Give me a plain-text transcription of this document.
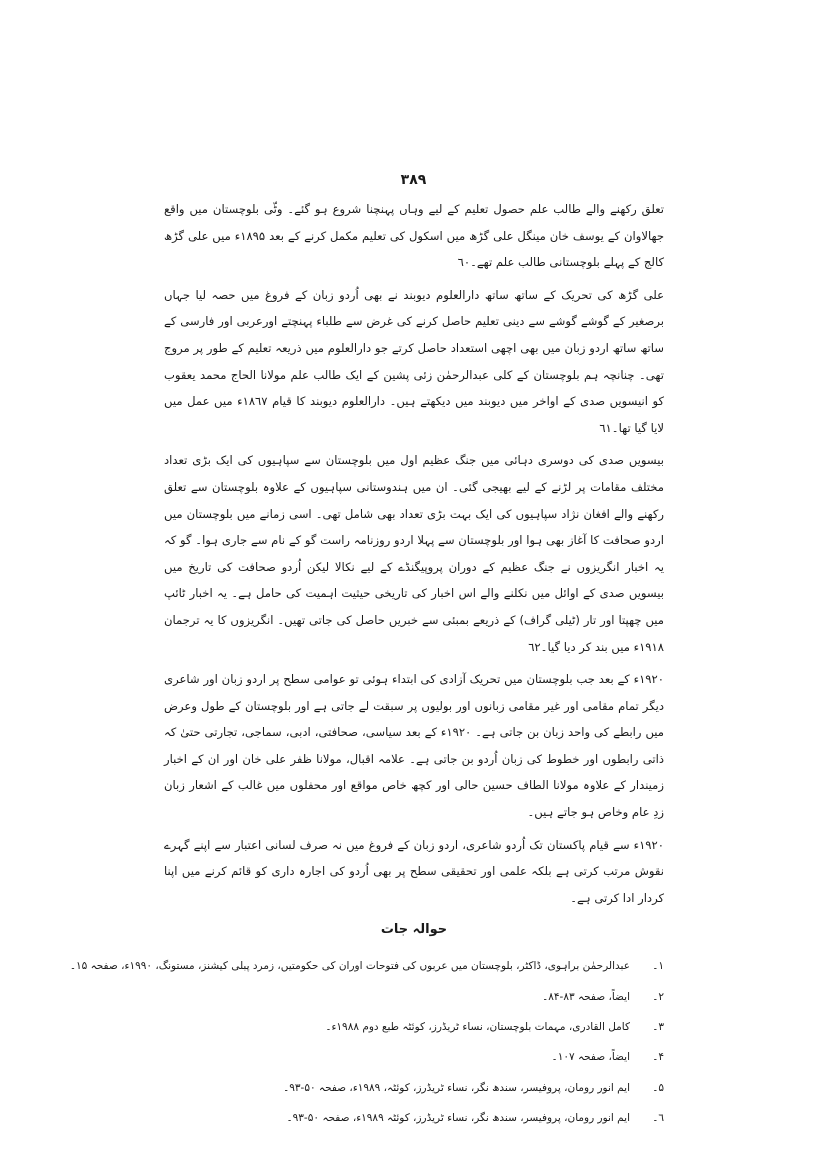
۳۸۹

تعلق رکھنے والے طالب علم حصول تعلیم کے لیے وہاں پہنچنا شروع ہو گئے۔ وٹّی بلوچستان میں واقع جھالاوان کے یوسف خان مینگل علی گڑھ میں اسکول کی تعلیم مکمل کرنے کے بعد ۱۸۹۵ء میں علی گڑھ کالج کے پہلے بلوچستانی طالب علم تھے۔٦٠

علی گڑھ کی تحریک کے ساتھ ساتھ دارالعلوم دیوبند نے بھی اُردو زبان کے فروغ میں حصہ لیا جہاں برصغیر کے گوشے گوشے سے دینی تعلیم حاصل کرنے کی غرض سے طلباء پہنچتے اورعربی اور فارسی کے ساتھ ساتھ اردو زبان میں بھی اچھی استعداد حاصل کرتے جو دارالعلوم میں ذریعہ تعلیم کے طور پر مروج تھی۔ چنانچہ ہم بلوچستان کے کلی عبدالرحمٰن زئی پشین کے ایک طالب علم مولانا الحاج محمد یعقوب کو انیسویں صدی کے اواخر میں دیوبند میں دیکھتے ہیں۔ دارالعلوم دیوبند کا قیام ۱۸٦٧ء میں عمل میں لایا گیا تھا۔٦١

بیسویں صدی کی دوسری دہائی میں جنگ عظیم اول میں بلوچستان سے سپاہیوں کی ایک بڑی تعداد مختلف مقامات پر لڑنے کے لیے بھیجی گئی۔ ان میں ہندوستانی سپاہیوں کے علاوہ بلوچستان سے تعلق رکھنے والے افغان نژاد سپاہیوں کی ایک بہت بڑی تعداد بھی شامل تھی۔ اسی زمانے میں بلوچستان میں اردو صحافت کا آغاز بھی ہوا اور بلوچستان سے پہلا اردو روزنامہ راست گو کے نام سے جاری ہوا۔ گو کہ یہ اخبار انگریزوں نے جنگ عظیم کے دوران پروپیگنڈے کے لیے نکالا لیکن اُردو صحافت کی تاریخ میں بیسویں صدی کے اوائل میں نکلنے والے اس اخبار کی تاریخی حیثیت اہمیت کی حامل ہے۔ یہ اخبار ٹائپ میں چھپتا اور تار (ٹیلی گراف) کے ذریعے بمبئی سے خبریں حاصل کی جاتی تھیں۔ انگریزوں کا یہ ترجمان ۱۹۱۸ء میں بند کر دیا گیا۔٦٢

۱۹۲۰ء کے بعد جب بلوچستان میں تحریک آزادی کی ابتداء ہوئی تو عوامی سطح پر اردو زبان اور شاعری دیگر تمام مقامی اور غیر مقامی زبانوں اور بولیوں پر سبقت لے جاتی ہے اور بلوچستان کے طول وعرض میں رابطے کی واحد زبان بن جاتی ہے۔ ۱۹۲۰ء کے بعد سیاسی، صحافتی، ادبی، سماجی، تجارتی حتیٰ کہ ذاتی رابطوں اور خطوط کی زبان اُردو بن جاتی ہے۔ علامہ اقبال، مولانا ظفر علی خان اور ان کے اخبار زمیندار کے علاوہ مولانا الطاف حسین حالی اور کچھ خاص مواقع اور محفلوں میں غالب کے اشعار زبان زدِ عام وخاص ہو جاتے ہیں۔

۱۹۲۰ء سے قیام پاکستان تک اُردو شاعری، اردو زبان کے فروغ میں نہ صرف لسانی اعتبار سے اپنے گہرے نقوش مرتب کرتی ہے بلکہ علمی اور تحقیقی سطح پر بھی اُردو کی اجارہ داری کو قائم کرنے میں اپنا کردار ادا کرتی ہے۔

حوالہ جات
۱۔
عبدالرحمٰن براہوی، ڈاکٹر، بلوچستان میں عربوں کی فتوحات اوران کی حکومتیں، زمرد پبلی کیشنز، مستونگ، ۱۹۹۰ء، صفحہ ۱۵۔
۲۔
ایضاً، صفحہ ۸۳-۸۴۔
۳۔
کامل القادری، مہمات بلوچستان، نساء ٹریڈرز، کوئٹہ طبع دوم ۱۹۸۸ء۔
۴۔
ایضاً، صفحہ ۱۰۷۔
۵۔
ایم انور رومان، پروفیسر، سندھ نگر، نساء ٹریڈرز، کوئٹہ، ۱۹۸۹ء، صفحہ ۵۰-۹۳۔
٦۔
ایم انور رومان، پروفیسر، سندھ نگر، نساء ٹریڈرز، کوئٹہ ۱۹۸۹ء، صفحہ ۵۰-۹۳۔
